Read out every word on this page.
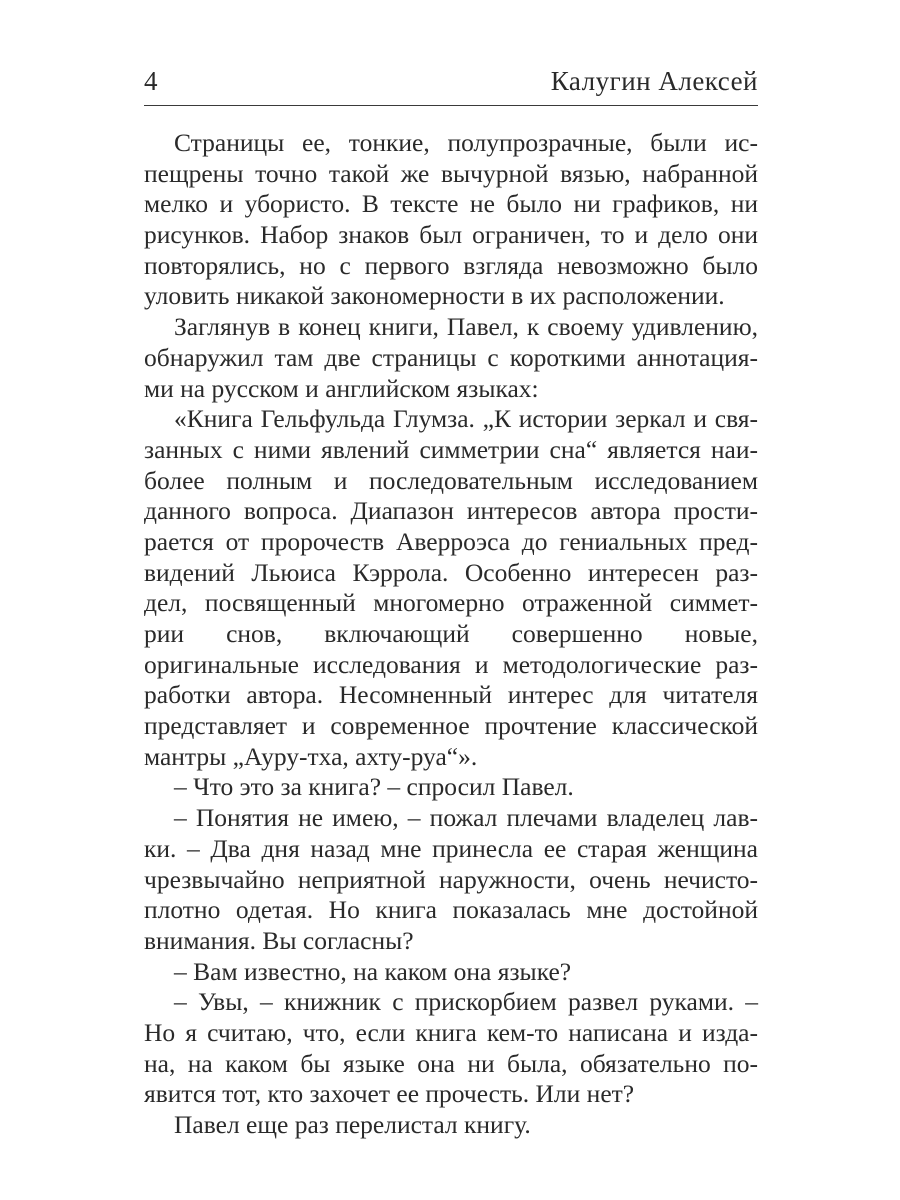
4	Калугин Алексей
Страницы ее, тонкие, полупрозрачные, были ис-
пещрены точно такой же вычурной вязью, набранной
мелко и убористо. В тексте не было ни графиков, ни
рисунков. Набор знаков был ограничен, то и дело они
повторялись, но с первого взгляда невозможно было
уловить никакой закономерности в их расположении.
Заглянув в конец книги, Павел, к своему удивлению,
обнаружил там две страницы с короткими аннотация-
ми на русском и английском языках:
«Книга Гельфульда Глумза. „К истории зеркал и свя-
занных с ними явлений симметрии сна“ является наи-
более полным и последовательным исследованием
данного вопроса. Диапазон интересов автора прости-
рается от пророчеств Аверроэса до гениальных пред-
видений Льюиса Кэррола. Особенно интересен раз-
дел, посвященный многомерно отраженной симмет-
рии снов, включающий совершенно новые,
оригинальные исследования и методологические раз-
работки автора. Несомненный интерес для читателя
представляет и современное прочтение классической
мантры „Ауру-тха, ахту-руа“».
– Что это за книга? – спросил Павел.
– Понятия не имею, – пожал плечами владелец лав-
ки. – Два дня назад мне принесла ее старая женщина
чрезвычайно неприятной наружности, очень нечисто-
плотно одетая. Но книга показалась мне достойной
внимания. Вы согласны?
– Вам известно, на каком она языке?
– Увы, – книжник с прискорбием развел руками. –
Но я считаю, что, если книга кем-то написана и изда-
на, на каком бы языке она ни была, обязательно по-
явится тот, кто захочет ее прочесть. Или нет?
Павел еще раз перелистал книгу.
